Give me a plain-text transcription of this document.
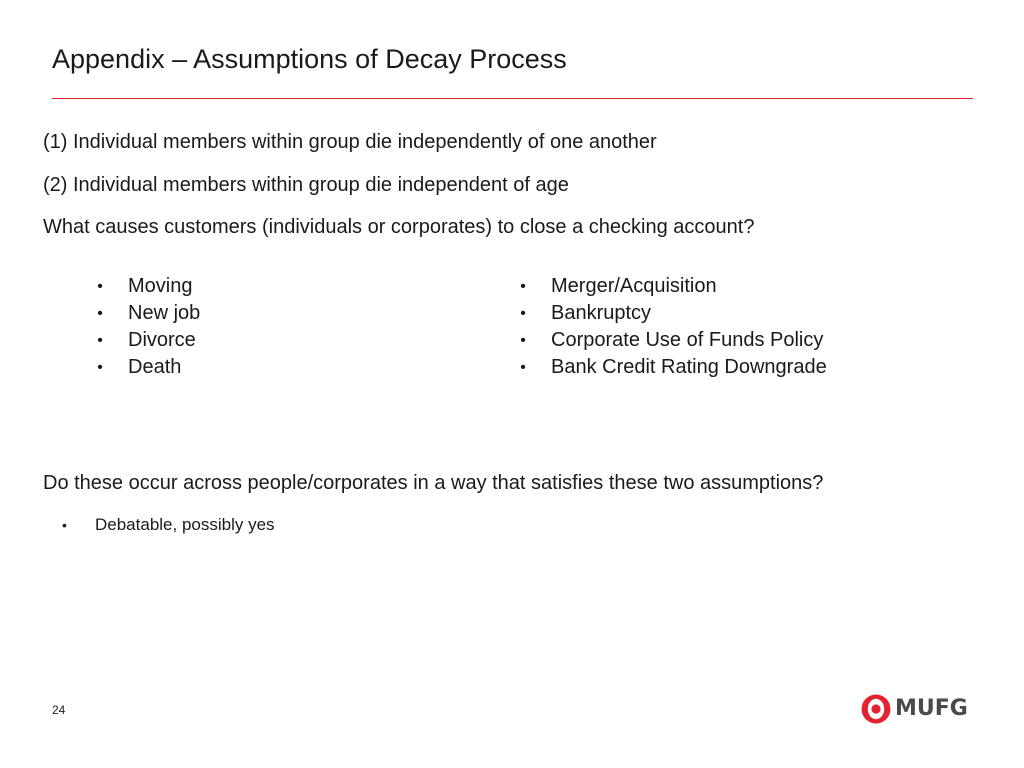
Appendix – Assumptions of Decay Process
(1) Individual members within group die independently of one another
(2) Individual members within group die independent of age
What causes customers (individuals or corporates) to close a checking account?
• Moving
• New job
• Divorce
• Death
• Merger/Acquisition
• Bankruptcy
• Corporate Use of Funds Policy
• Bank Credit Rating Downgrade
Do these occur across people/corporates in a way that satisfies these two assumptions?
• Debatable, possibly yes
24	MUFG
